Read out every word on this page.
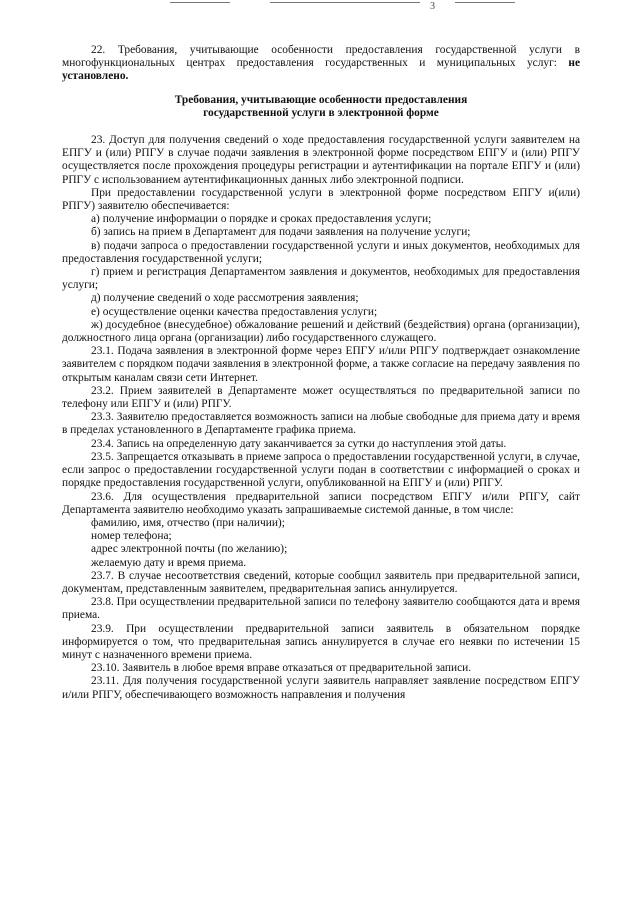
3

22. Требования, учитывающие особенности предоставления государственной услуги в многофункциональных центрах предоставления государственных и муниципальных услуг: не установлено.

Требования, учитывающие особенности предоставления
государственной услуги в электронной форме

23. Доступ для получения сведений о ходе предоставления государственной услуги заявителем на ЕПГУ и (или) РПГУ в случае подачи заявления в электронной форме посредством ЕПГУ и (или) РПГУ осуществляется после прохождения процедуры регистрации и аутентификации на портале ЕПГУ и (или) РПГУ с использованием аутентификационных данных либо электронной подписи.

При предоставлении государственной услуги в электронной форме посредством ЕПГУ и(или) РПГУ) заявителю обеспечивается:

а) получение информации о порядке и сроках предоставления услуги;

б) запись на прием в Департамент для подачи заявления на получение услуги;

в) подачи запроса о предоставлении государственной услуги и иных документов, необходимых для предоставления государственной услуги;

г) прием и регистрация Департаментом заявления и документов, необходимых для предоставления услуги;

д) получение сведений о ходе рассмотрения заявления;

е) осуществление оценки качества предоставления услуги;

ж) досудебное (внесудебное) обжалование решений и действий (бездействия) органа (организации), должностного лица органа (организации) либо государственного служащего.

23.1. Подача заявления в электронной форме через ЕПГУ и/или РПГУ подтверждает ознакомление заявителем с порядком подачи заявления в электронной форме, а также согласие на передачу заявления по открытым каналам связи сети Интернет.

23.2. Прием заявителей в Департаменте может осуществляться по предварительной записи по телефону или ЕПГУ и (или) РПГУ.

23.3. Заявителю предоставляется возможность записи на любые свободные для приема дату и время в пределах установленного в Департаменте графика приема.

23.4. Запись на определенную дату заканчивается за сутки до наступления этой даты.

23.5. Запрещается отказывать в приеме запроса о предоставлении государственной услуги, в случае, если запрос о предоставлении государственной услуги подан в соответствии с информацией о сроках и порядке предоставления государственной услуги, опубликованной на ЕПГУ и (или) РПГУ.

23.6. Для осуществления предварительной записи посредством ЕПГУ и/или РПГУ, сайт Департамента заявителю необходимо указать запрашиваемые системой данные, в том числе:

фамилию, имя, отчество (при наличии);

номер телефона;

адрес электронной почты (по желанию);

желаемую дату и время приема.

23.7. В случае несоответствия сведений, которые сообщил заявитель при предварительной записи, документам, представленным заявителем, предварительная запись аннулируется.

23.8. При осуществлении предварительной записи по телефону заявителю сообщаются дата и время приема.

23.9. При осуществлении предварительной записи заявитель в обязательном порядке информируется о том, что предварительная запись аннулируется в случае его неявки по истечении 15 минут с назначенного времени приема.

23.10. Заявитель в любое время вправе отказаться от предварительной записи.

23.11. Для получения государственной услуги заявитель направляет заявление посредством ЕПГУ и/или РПГУ, обеспечивающего возможность направления и получения
